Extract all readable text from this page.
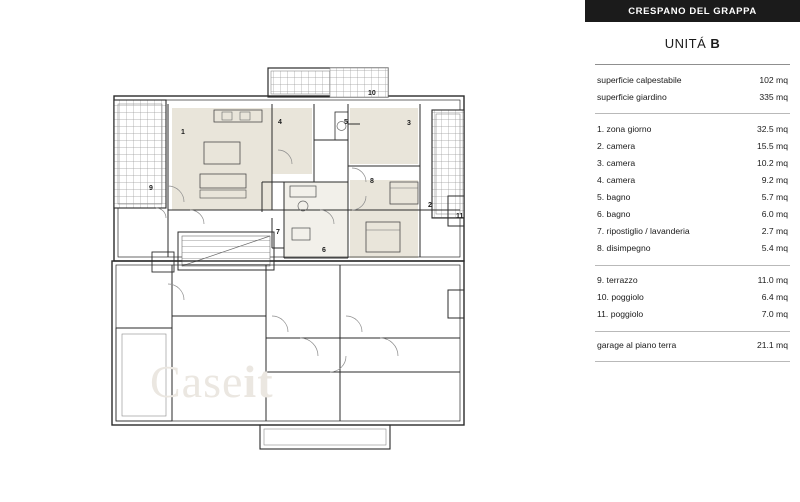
1
2
3
4	5
6
7
8
9
10
11
Caseit
CRESPANO DEL GRAPPA
UNITÁ B
superficie calpestabile	102 mq
superficie giardino	335 mq
1. zona giorno	32.5 mq
2. camera	15.5 mq
3. camera	10.2 mq
4. camera	9.2 mq
5. bagno	5.7 mq
6. bagno	6.0 mq
7. ripostiglio / lavanderia	2.7 mq
8. disimpegno	5.4 mq
9. terrazzo	11.0 mq
10. poggiolo	6.4 mq
11. poggiolo	7.0 mq
garage al piano terra	21.1 mq
